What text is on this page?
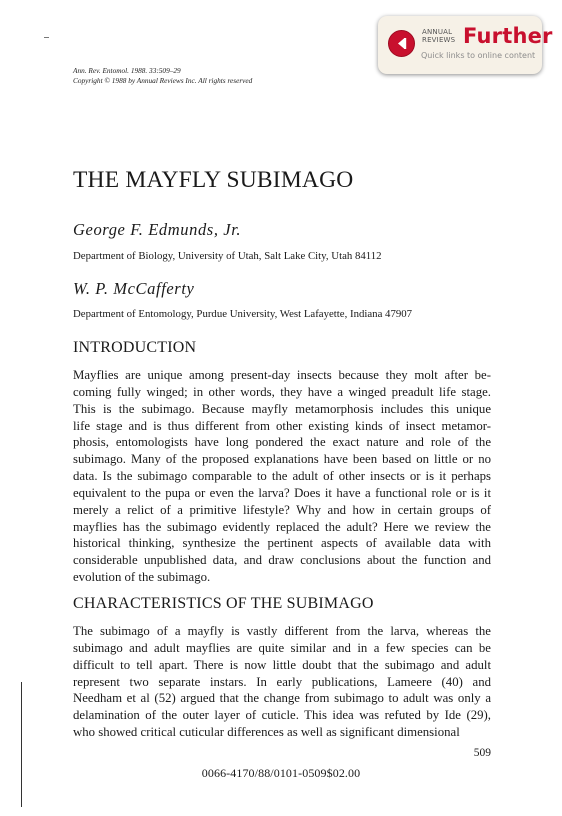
Ann. Rev. Entomol. 1988. 33:509–29
Copyright © 1988 by Annual Reviews Inc. All rights reserved
ANNUAL
REVIEWS Further
Quick links to online content
THE MAYFLY SUBIMAGO
George F. Edmunds, Jr.
Department of Biology, University of Utah, Salt Lake City, Utah 84112
W. P. McCafferty
Department of Entomology, Purdue University, West Lafayette, Indiana 47907
INTRODUCTION
Mayflies are unique among present-day insects because they molt after be-
coming fully winged; in other words, they have a winged preadult life stage.
This is the subimago. Because mayfly metamorphosis includes this unique
life stage and is thus different from other existing kinds of insect metamor-
phosis, entomologists have long pondered the exact nature and role of the
subimago. Many of the proposed explanations have been based on little or no
data. Is the subimago comparable to the adult of other insects or is it perhaps
equivalent to the pupa or even the larva? Does it have a functional role or is it
merely a relict of a primitive lifestyle? Why and how in certain groups of
mayflies has the subimago evidently replaced the adult? Here we review the
historical thinking, synthesize the pertinent aspects of available data with
considerable unpublished data, and draw conclusions about the function and
evolution of the subimago.
CHARACTERISTICS OF THE SUBIMAGO
The subimago of a mayfly is vastly different from the larva, whereas the
subimago and adult mayflies are quite similar and in a few species can be
difficult to tell apart. There is now little doubt that the subimago and adult
represent two separate instars. In early publications, Lameere (40) and
Needham et al (52) argued that the change from subimago to adult was only a
delamination of the outer layer of cuticle. This idea was refuted by Ide (29),
who showed critical cuticular differences as well as significant dimensional
509
0066-4170/88/0101-0509$02.00
